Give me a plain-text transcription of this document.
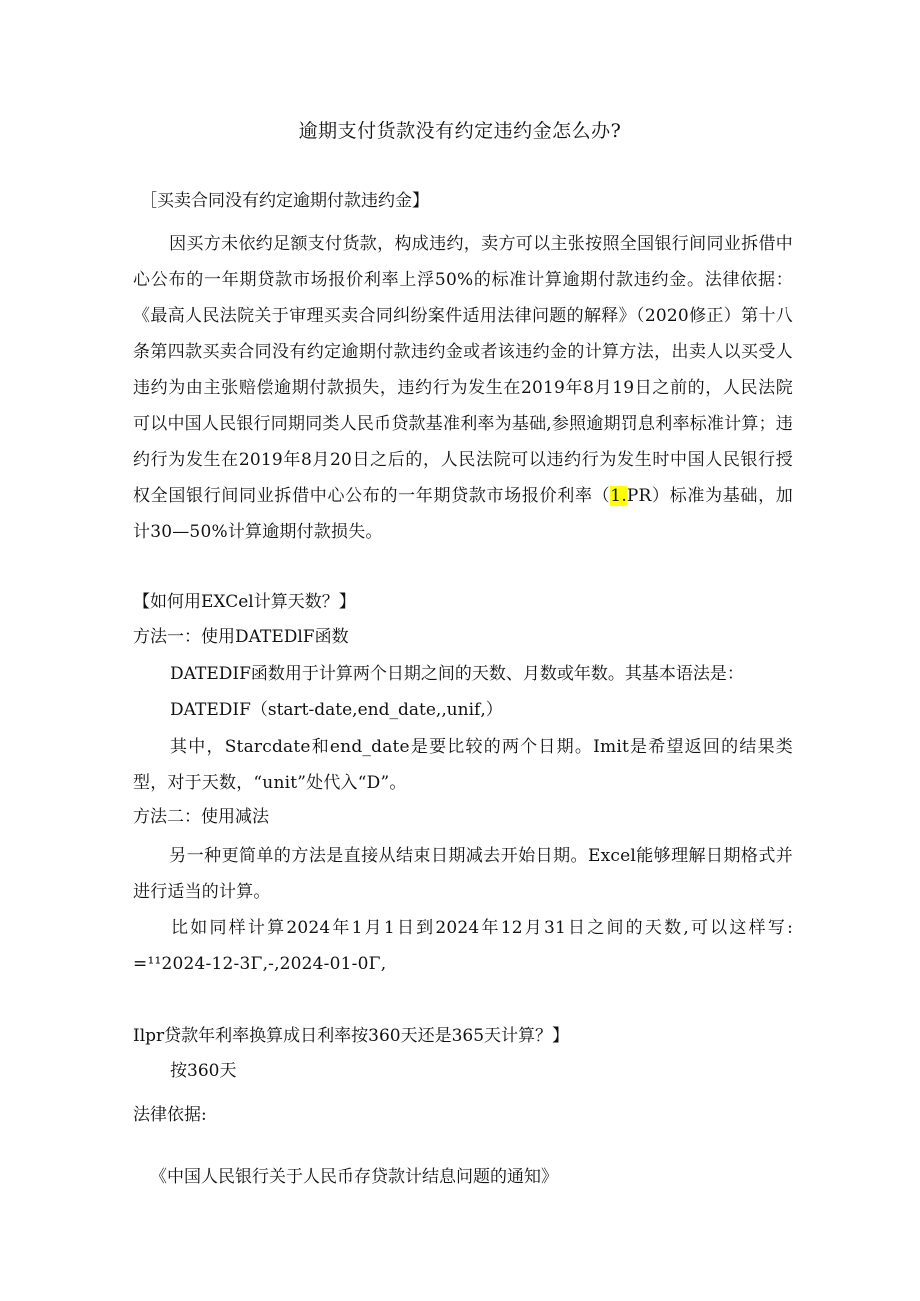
逾期支付货款没有约定违约金怎么办?
［买卖合同没有约定逾期付款违约金】
因买方未依约足额支付货款，构成违约，卖方可以主张按照全国银行间同业拆借中心公布的一年期贷款市场报价利率上浮50%的标准计算逾期付款违约金。法律依据：《最高人民法院关于审理买卖合同纠纷案件适用法律问题的解释》（2020修正）第十八条第四款买卖合同没有约定逾期付款违约金或者该违约金的计算方法，出卖人以买受人违约为由主张赔偿逾期付款损失，违约行为发生在2019年8月19日之前的，人民法院可以中国人民银行同期同类人民币贷款基准利率为基础,参照逾期罚息利率标准计算；违约行为发生在2019年8月20日之后的，人民法院可以违约行为发生时中国人民银行授权全国银行间同业拆借中心公布的一年期贷款市场报价利率（1.PR）标准为基础，加计30—50%计算逾期付款损失。
【如何用EXCel计算天数？】
方法一：使用DATEDlF函数
DATEDIF函数用于计算两个日期之间的天数、月数或年数。其基本语法是：
DATEDIF（start-date,end_date,‚unif‚）
其中，Starcdate和end_date是要比较的两个日期。Imit是希望返回的结果类型，对于天数，“unit”处代入“D”。
方法二：使用减法
另一种更简单的方法是直接从结束日期减去开始日期。Excel能够理解日期格式并进行适当的计算。
比如同样计算2024年1月1日到2024年12月31日之间的天数,可以这样写: =¹¹2024-12-3Γ‚-‚2024-01-0Γ‚
Ilpr贷款年利率换算成日利率按360天还是365天计算？】
按360天
法律依据:
《中国人民银行关于人民币存贷款计结息问题的通知》
